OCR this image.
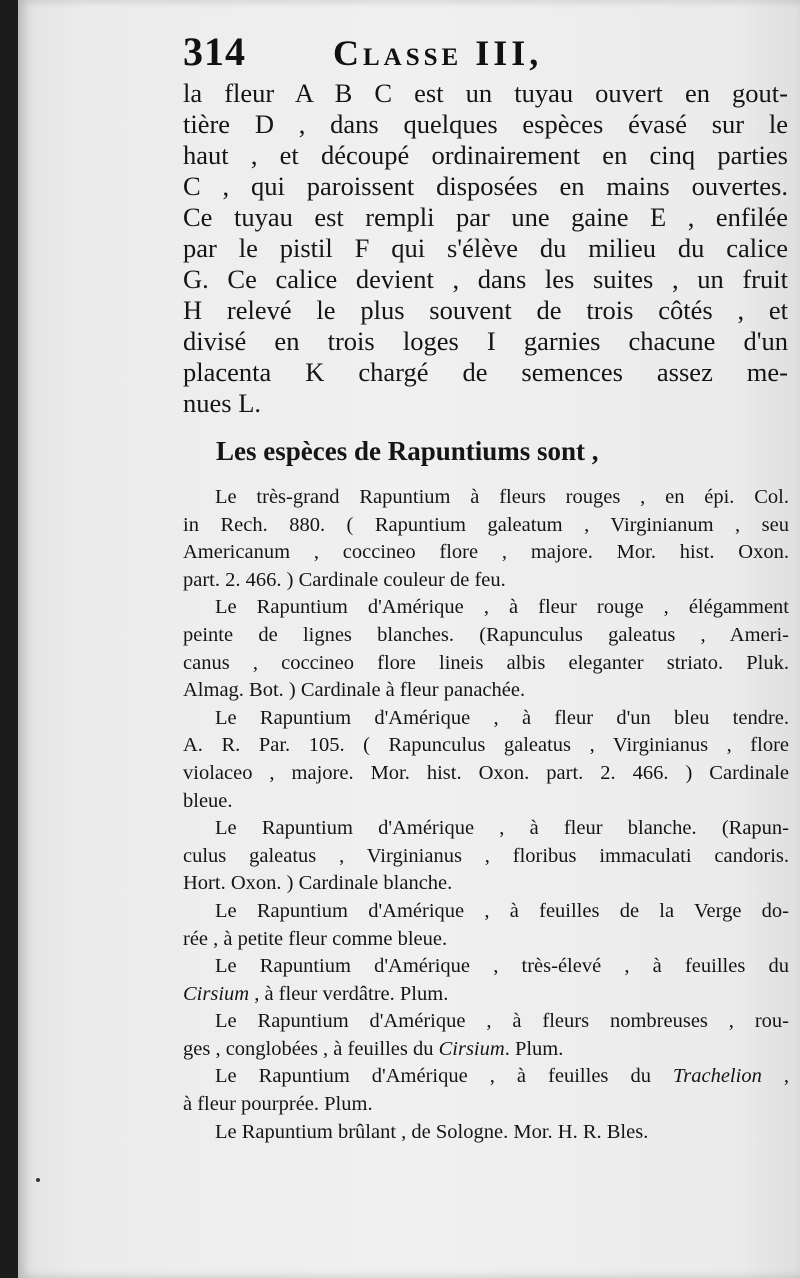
314 Classe III,
la fleur A B C est un tuyau ouvert en gout-
tière D , dans quelques espèces évasé sur le
haut , et découpé ordinairement en cinq parties
C , qui paroissent disposées en mains ouvertes.
Ce tuyau est rempli par une gaine E , enfilée
par le pistil F qui s'élève du milieu du calice
G. Ce calice devient , dans les suites , un fruit
H relevé le plus souvent de trois côtés , et
divisé en trois loges I garnies chacune d'un
placenta K chargé de semences assez me-
nues L.
Les espèces de Rapuntiums sont ,
Le très-grand Rapuntium à fleurs rouges , en épi. Col.
in Rech. 880. ( Rapuntium galeatum , Virginianum , seu
Americanum , coccineo flore , majore. Mor. hist. Oxon.
part. 2. 466. ) Cardinale couleur de feu.
Le Rapuntium d'Amérique , à fleur rouge , élégamment
peinte de lignes blanches. (Rapunculus galeatus , Ameri-
canus , coccineo flore lineis albis eleganter striato. Pluk.
Almag. Bot. ) Cardinale à fleur panachée.
Le Rapuntium d'Amérique , à fleur d'un bleu tendre.
A. R. Par. 105. ( Rapunculus galeatus , Virginianus , flore
violaceo , majore. Mor. hist. Oxon. part. 2. 466. ) Cardinale
bleue.
Le Rapuntium d'Amérique , à fleur blanche. (Rapun-
culus galeatus , Virginianus , floribus immaculati candoris.
Hort. Oxon. ) Cardinale blanche.
Le Rapuntium d'Amérique , à feuilles de la Verge do-
rée , à petite fleur comme bleue.
Le Rapuntium d'Amérique , très-élevé , à feuilles du
Cirsium , à fleur verdâtre. Plum.
Le Rapuntium d'Amérique , à fleurs nombreuses , rou-
ges , conglobées , à feuilles du Cirsium. Plum.
Le Rapuntium d'Amérique , à feuilles du Trachelion ,
à fleur pourprée. Plum.
Le Rapuntium brûlant , de Sologne. Mor. H. R. Bles.
